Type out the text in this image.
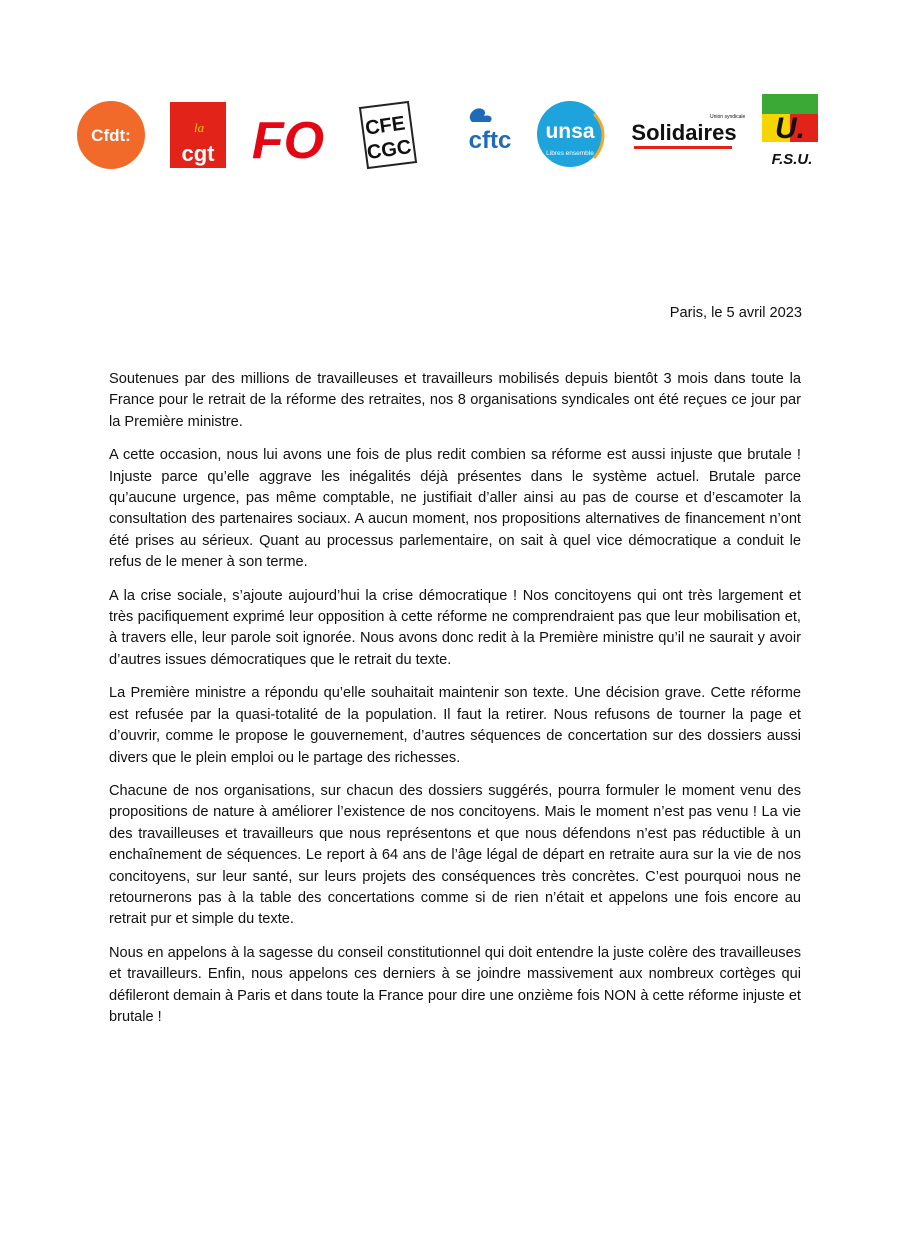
Cfdt:	la
cgt FO CFE
CGC cftc unsa
Libres ensemble
Union syndicale
Solidaires U.
F.S.U.
Paris, le 5 avril 2023

Soutenues par des millions de travailleuses et travailleurs mobilisés depuis bientôt 3 mois dans toute la France pour le retrait de la réforme des retraites, nos 8 organisations syndicales ont été reçues ce jour par la Première ministre.

A cette occasion, nous lui avons une fois de plus redit combien sa réforme est aussi injuste que brutale ! Injuste parce qu’elle aggrave les inégalités déjà présentes dans le système actuel. Brutale parce qu’aucune urgence, pas même comptable, ne justifiait d’aller ainsi au pas de course et d’escamoter la consultation des partenaires sociaux. A aucun moment, nos propositions alternatives de financement n’ont été prises au sérieux. Quant au processus parlementaire, on sait à quel vice démocratique a conduit le refus de le mener à son terme.

A la crise sociale, s’ajoute aujourd’hui la crise démocratique ! Nos concitoyens qui ont très largement et très pacifiquement exprimé leur opposition à cette réforme ne comprendraient pas que leur mobilisation et, à travers elle, leur parole soit ignorée. Nous avons donc redit à la Première ministre qu’il ne saurait y avoir d’autres issues démocratiques que le retrait du texte.

La Première ministre a répondu qu’elle souhaitait maintenir son texte. Une décision grave. Cette réforme est refusée par la quasi-totalité de la population. Il faut la retirer. Nous refusons de tourner la page et d’ouvrir, comme le propose le gouvernement, d’autres séquences de concertation sur des dossiers aussi divers que le plein emploi ou le partage des richesses.

Chacune de nos organisations, sur chacun des dossiers suggérés, pourra formuler le moment venu des propositions de nature à améliorer l’existence de nos concitoyens. Mais le moment n’est pas venu ! La vie des travailleuses et travailleurs que nous représentons et que nous défendons n’est pas réductible à un enchaînement de séquences. Le report à 64 ans de l’âge légal de départ en retraite aura sur la vie de nos concitoyens, sur leur santé, sur leurs projets des conséquences très concrètes. C’est pourquoi nous ne retournerons pas à la table des concertations comme si de rien n’était et appelons une fois encore au retrait pur et simple du texte.

Nous en appelons à la sagesse du conseil constitutionnel qui doit entendre la juste colère des travailleuses et travailleurs. Enfin, nous appelons ces derniers à se joindre massivement aux nombreux cortèges qui défileront demain à Paris et dans toute la France pour dire une onzième fois NON à cette réforme injuste et brutale !
